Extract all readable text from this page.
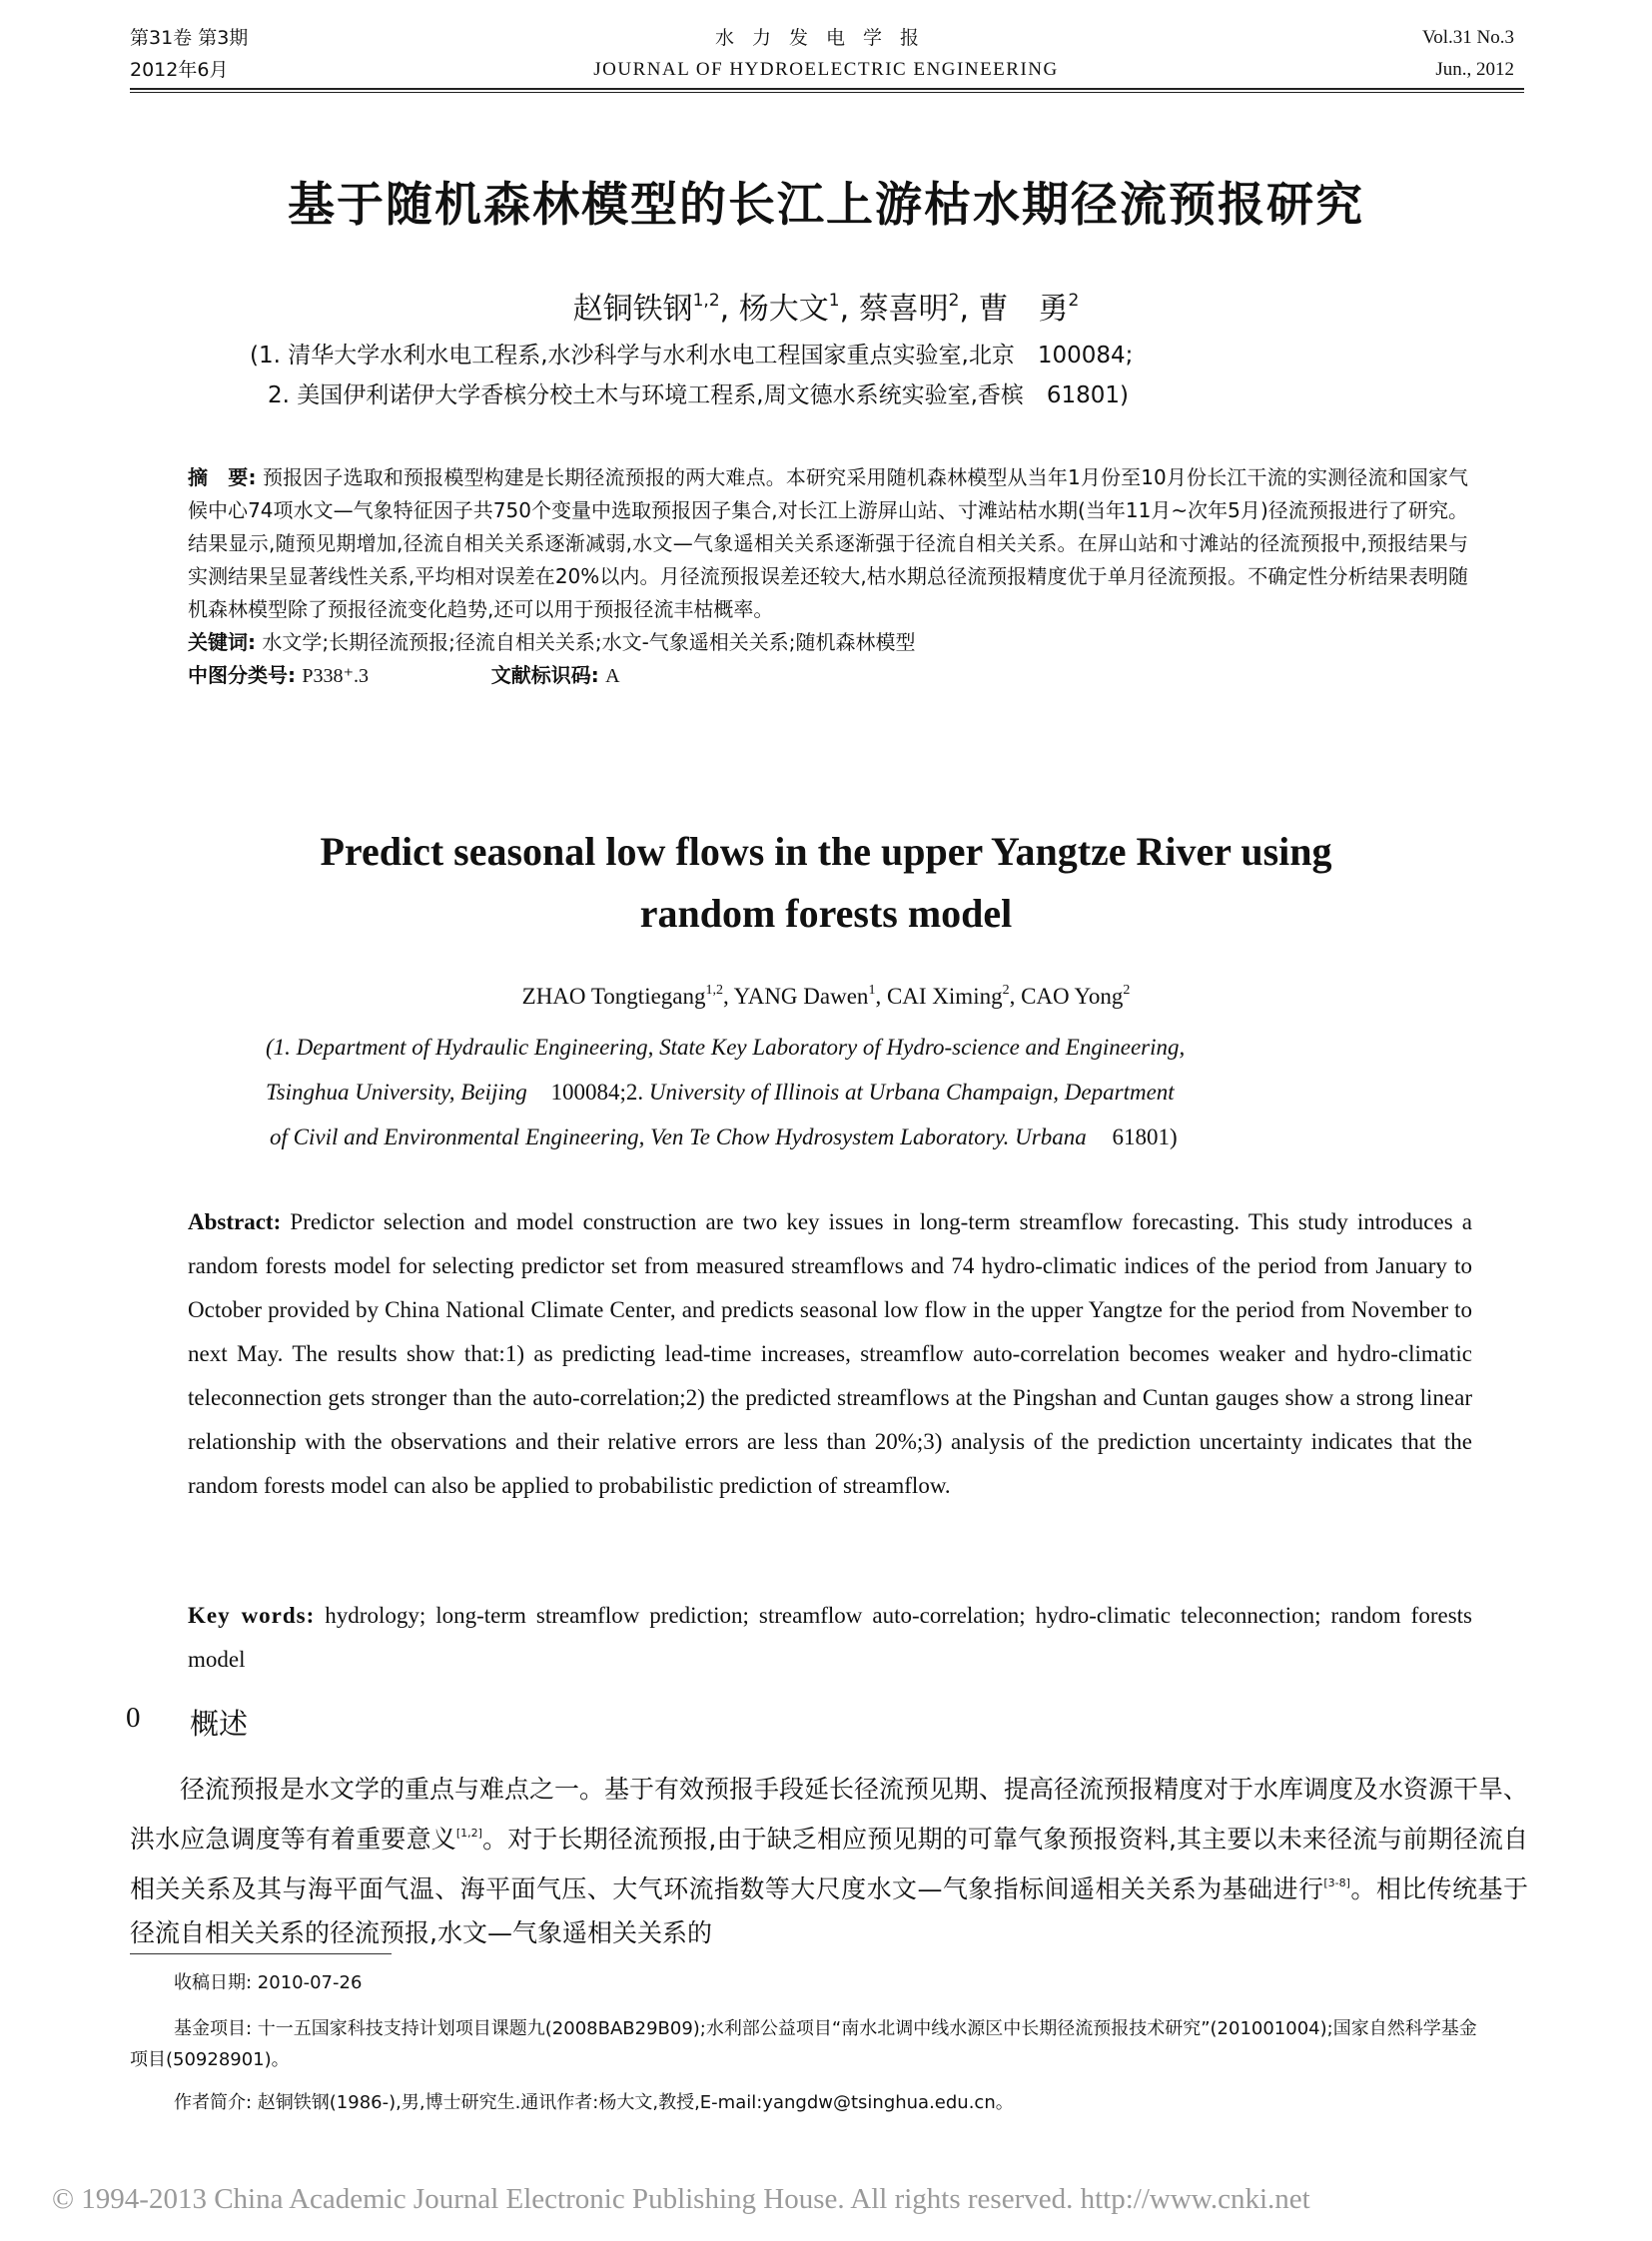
第31卷 第3期
2012年6月
水力发电学报
JOURNAL OF HYDROELECTRIC ENGINEERING
Vol.31 No.3
Jun., 2012
基于随机森林模型的长江上游枯水期径流预报研究
赵铜铁钢$^{1,2}$, 杨大文$^1$, 蔡喜明$^2$, 曹　勇$^2$
(1. 清华大学水利水电工程系,水沙科学与水利水电工程国家重点实验室,北京　100084;
2. 美国伊利诺伊大学香槟分校土木与环境工程系,周文德水系统实验室,香槟　61801)
摘　要: 预报因子选取和预报模型构建是长期径流预报的两大难点。本研究采用随机森林模型从当年1月份至10月份长江干流的实测径流和国家气候中心74项水文—气象特征因子共750个变量中选取预报因子集合,对长江上游屏山站、寸滩站枯水期(当年11月~次年5月)径流预报进行了研究。结果显示,随预见期增加,径流自相关关系逐渐减弱,水文—气象遥相关关系逐渐强于径流自相关关系。在屏山站和寸滩站的径流预报中,预报结果与实测结果呈显著线性关系,平均相对误差在20%以内。月径流预报误差还较大,枯水期总径流预报精度优于单月径流预报。不确定性分析结果表明随机森林模型除了预报径流变化趋势,还可以用于预报径流丰枯概率。
关键词: 水文学;长期径流预报;径流自相关关系;水文-气象遥相关关系;随机森林模型
中图分类号: P338⁺.3	文献标识码: A
Predict seasonal low flows in the upper Yangtze River using
random forests model
ZHAO Tongtiegang$^{1,2}$, YANG Dawen$^1$, CAI Ximing$^2$, CAO Yong$^2$
(1. Department of Hydraulic Engineering, State Key Laboratory of Hydro-science and Engineering,
Tsinghua University, Beijing 100084;2. University of Illinois at Urbana Champaign, Department
of Civil and Environmental Engineering, Ven Te Chow Hydrosystem Laboratory. Urbana 61801)
Abstract: Predictor selection and model construction are two key issues in long-term streamflow forecasting. This study introduces a random forests model for selecting predictor set from measured streamflows and 74 hydro-climatic indices of the period from January to October provided by China National Climate Center, and predicts seasonal low flow in the upper Yangtze for the period from November to next May. The results show that:1) as predicting lead-time increases, streamflow auto-correlation becomes weaker and hydro-climatic teleconnection gets stronger than the auto-correlation;2) the predicted streamflows at the Pingshan and Cuntan gauges show a strong linear relationship with the observations and their relative errors are less than 20%;3) analysis of the prediction uncertainty indicates that the random forests model can also be applied to probabilistic prediction of streamflow.
Key words: hydrology; long-term streamflow prediction; streamflow auto-correlation; hydro-climatic teleconnection; random forests model
0 概述
径流预报是水文学的重点与难点之一。基于有效预报手段延长径流预见期、提高径流预报精度对于水库调度及水资源干旱、洪水应急调度等有着重要意义[1,2]。对于长期径流预报,由于缺乏相应预见期的可靠气象预报资料,其主要以未来径流与前期径流自相关关系及其与海平面气温、海平面气压、大气环流指数等大尺度水文—气象指标间遥相关关系为基础进行[3-8]。相比传统基于径流自相关关系的径流预报,水文—气象遥相关关系的
收稿日期: 2010-07-26
基金项目: 十一五国家科技支持计划项目课题九(2008BAB29B09);水利部公益项目“南水北调中线水源区中长期径流预报技术研究”(201001004);国家自然科学基金项目(50928901)。
作者简介: 赵铜铁钢(1986-),男,博士研究生.通讯作者:杨大文,教授,E-mail:yangdw@tsinghua.edu.cn。
© 1994-2013 China Academic Journal Electronic Publishing House. All rights reserved. http://www.cnki.net
